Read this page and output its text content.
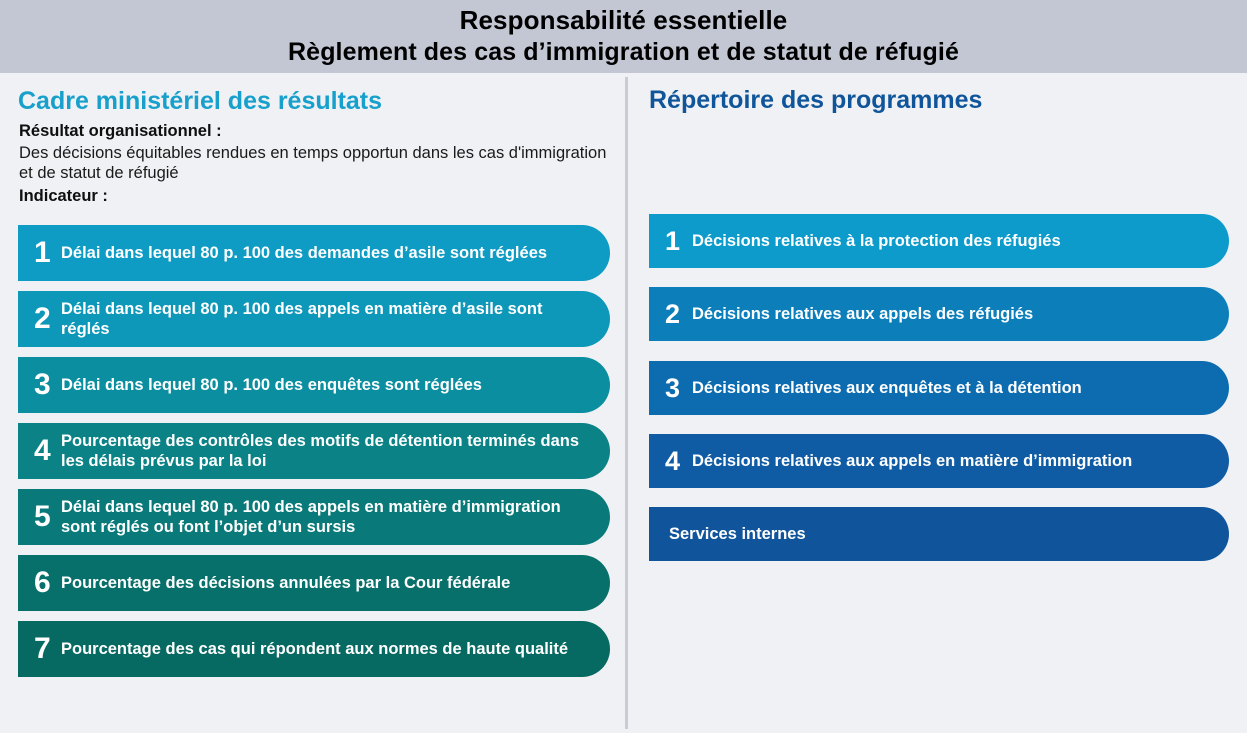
Responsabilité essentielle
Règlement des cas d’immigration et de statut de réfugié
Cadre ministériel des résultats
Résultat organisationnel :
Des décisions équitables rendues en temps opportun dans les cas d'immigration et de statut de réfugié
Indicateur :
1 Délai dans lequel 80 p. 100 des demandes d’asile sont réglées
2 Délai dans lequel 80 p. 100 des appels en matière d’asile sont réglés
3 Délai dans lequel 80 p. 100 des enquêtes sont réglées
4 Pourcentage des contrôles des motifs de détention terminés dans les délais prévus par la loi
5 Délai dans lequel 80 p. 100 des appels en matière d’immigration sont réglés ou font l’objet d’un sursis
6 Pourcentage des décisions annulées par la Cour fédérale
7 Pourcentage des cas qui répondent aux normes de haute qualité
Répertoire des programmes
1 Décisions relatives à la protection des réfugiés
2 Décisions relatives aux appels des réfugiés
3 Décisions relatives aux enquêtes et à la détention
4 Décisions relatives aux appels en matière d’immigration
Services internes
